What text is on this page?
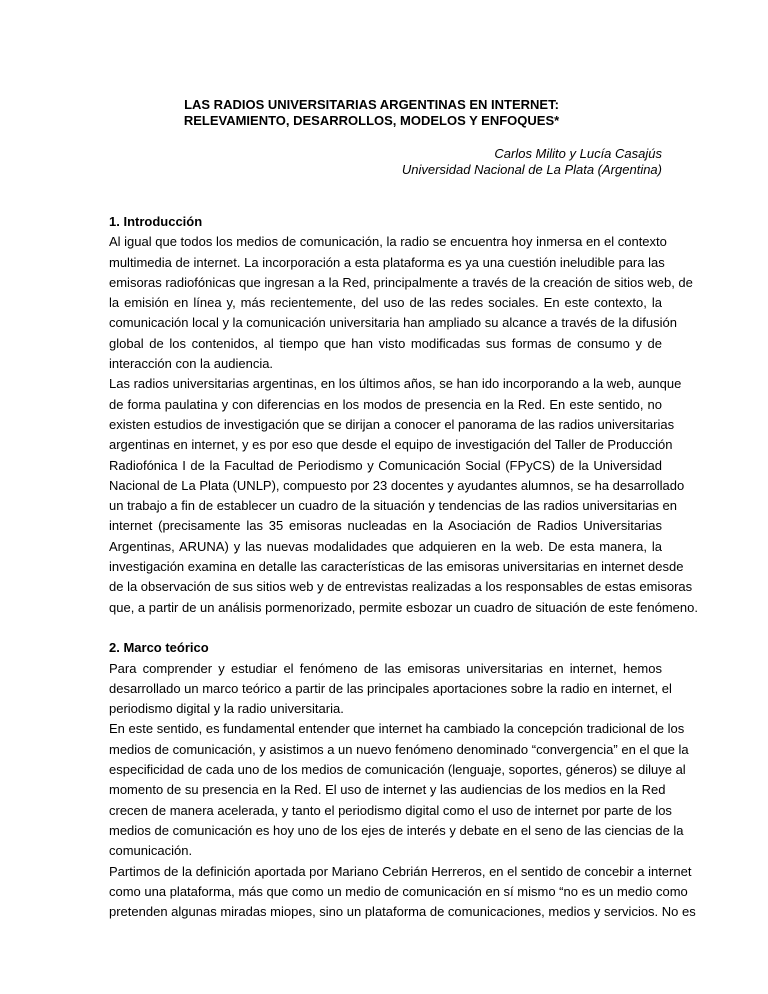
LAS RADIOS UNIVERSITARIAS ARGENTINAS EN INTERNET:
RELEVAMIENTO, DESARROLLOS, MODELOS Y ENFOQUES*
Carlos Milito y Lucía Casajús
Universidad Nacional de La Plata (Argentina)
1. Introducción
Al igual que todos los medios de comunicación, la radio se encuentra hoy inmersa en el contexto
multimedia de internet. La incorporación a esta plataforma es ya una cuestión ineludible para las
emisoras radiofónicas que ingresan a la Red, principalmente a través de la creación de sitios web, de
la emisión en línea y, más recientemente, del uso de las redes sociales. En este contexto, la
comunicación local y la comunicación universitaria han ampliado su alcance a través de la difusión
global de los contenidos, al tiempo que han visto modificadas sus formas de consumo y de
interacción con la audiencia.
Las radios universitarias argentinas, en los últimos años, se han ido incorporando a la web, aunque
de forma paulatina y con diferencias en los modos de presencia en la Red. En este sentido, no
existen estudios de investigación que se dirijan a conocer el panorama de las radios universitarias
argentinas en internet, y es por eso que desde el equipo de investigación del Taller de Producción
Radiofónica I de la Facultad de Periodismo y Comunicación Social (FPyCS) de la Universidad
Nacional de La Plata (UNLP), compuesto por 23 docentes y ayudantes alumnos, se ha desarrollado
un trabajo a fin de establecer un cuadro de la situación y tendencias de las radios universitarias en
internet (precisamente las 35 emisoras nucleadas en la Asociación de Radios Universitarias
Argentinas, ARUNA) y las nuevas modalidades que adquieren en la web. De esta manera, la
investigación examina en detalle las características de las emisoras universitarias en internet desde
de la observación de sus sitios web y de entrevistas realizadas a los responsables de estas emisoras
que, a partir de un análisis pormenorizado, permite esbozar un cuadro de situación de este fenómeno.
2. Marco teórico
Para comprender y estudiar el fenómeno de las emisoras universitarias en internet, hemos
desarrollado un marco teórico a partir de las principales aportaciones sobre la radio en internet, el
periodismo digital y la radio universitaria.
En este sentido, es fundamental entender que internet ha cambiado la concepción tradicional de los
medios de comunicación, y asistimos a un nuevo fenómeno denominado “convergencia” en el que la
especificidad de cada uno de los medios de comunicación (lenguaje, soportes, géneros) se diluye al
momento de su presencia en la Red. El uso de internet y las audiencias de los medios en la Red
crecen de manera acelerada, y tanto el periodismo digital como el uso de internet por parte de los
medios de comunicación es hoy uno de los ejes de interés y debate en el seno de las ciencias de la
comunicación.
Partimos de la definición aportada por Mariano Cebrián Herreros, en el sentido de concebir a internet
como una plataforma, más que como un medio de comunicación en sí mismo “no es un medio como
pretenden algunas miradas miopes, sino un plataforma de comunicaciones, medios y servicios. No es
